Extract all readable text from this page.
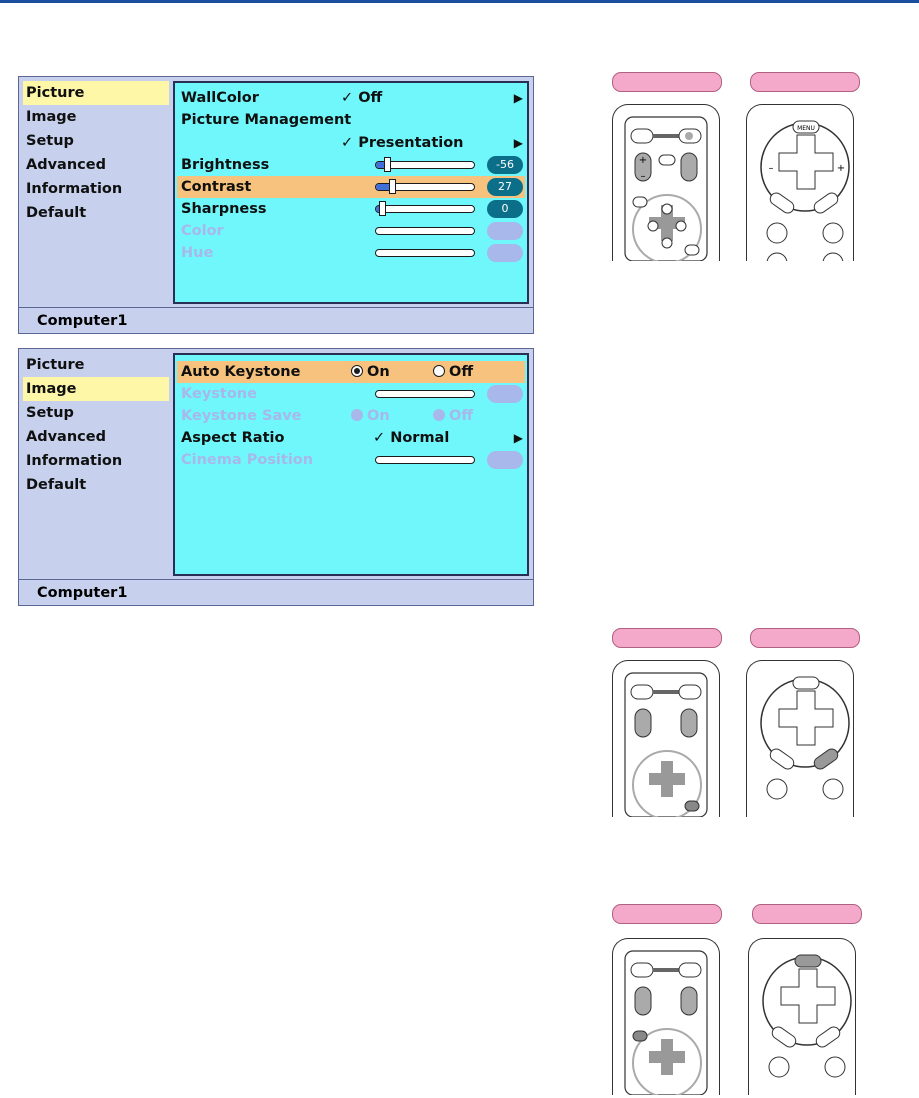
Picture
Image
Setup
Advanced
Information
Default
WallColor	✓ Off	▶
Picture Management
✓ Presentation	▶
Brightness	-56
Contrast	27
Sharpness	0
Color
Hue
Computer1
Picture
Image
Setup
Advanced
Information
Default
Auto Keystone	On	Off
Keystone
Keystone Save	On	Off
Aspect Ratio	✓ Normal	▶
Cinema Position
Computer1
+
–
MENU
–	+
